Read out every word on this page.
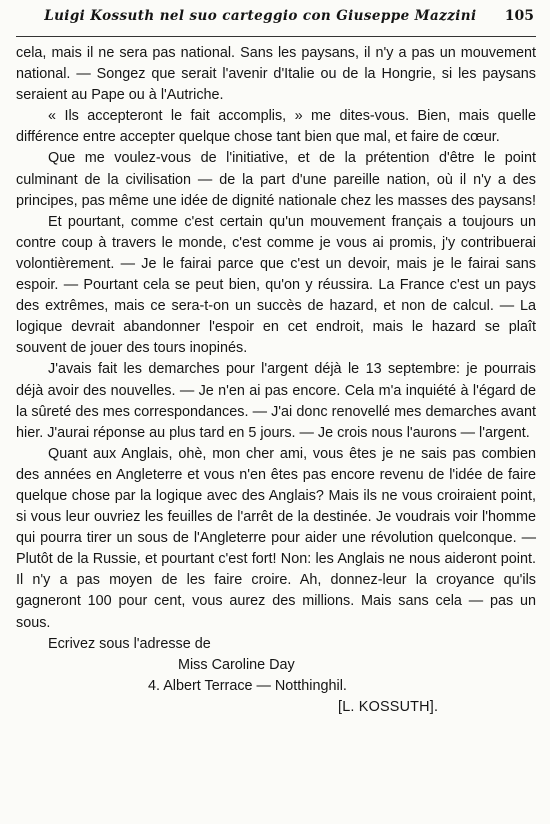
Luigi Kossuth nel suo carteggio con Giuseppe Mazzini	105

cela, mais il ne sera pas national. Sans les paysans, il n'y a pas un mouvement national. — Songez que serait l'avenir d'Italie ou de la Hongrie, si les paysans seraient au Pape ou à l'Autriche.

« Ils accepteront le fait accomplis, » me dites-vous. Bien, mais quelle différence entre accepter quelque chose tant bien que mal, et faire de cœur.

Que me voulez-vous de l'initiative, et de la prétention d'être le point culminant de la civilisation — de la part d'une pareille nation, où il n'y a des principes, pas même une idée de dignité nationale chez les masses des paysans!

Et pourtant, comme c'est certain qu'un mouvement français a toujours un contre coup à travers le monde, c'est comme je vous ai promis, j'y contribuerai volontièrement. — Je le fairai parce que c'est un devoir, mais je le fairai sans espoir. — Pourtant cela se peut bien, qu'on y réussira. La France c'est un pays des extrêmes, mais ce sera-t-on un succès de hazard, et non de calcul. — La logique devrait abandonner l'espoir en cet endroit, mais le hazard se plaît souvent de jouer des tours inopinés.

J'avais fait les demarches pour l'argent déjà le 13 septembre: je pourrais déjà avoir des nouvelles. — Je n'en ai pas encore. Cela m'a inquiété à l'égard de la sûreté des mes correspondances. — J'ai donc renovellé mes demarches avant hier. J'aurai réponse au plus tard en 5 jours. — Je crois nous l'aurons — l'argent.

Quant aux Anglais, ohè, mon cher ami, vous êtes je ne sais pas combien des années en Angleterre et vous n'en êtes pas encore revenu de l'idée de faire quelque chose par la logique avec des Anglais? Mais ils ne vous croiraient point, si vous leur ouvriez les feuilles de l'arrêt de la destinée. Je voudrais voir l'homme qui pourra tirer un sous de l'Angleterre pour aider une révolution quelconque. — Plutôt de la Russie, et pourtant c'est fort! Non: les Anglais ne nous aideront point. Il n'y a pas moyen de les faire croire. Ah, donnez-leur la croyance qu'ils gagneront 100 pour cent, vous aurez des millions. Mais sans cela — pas un sous.

Ecrivez sous l'adresse de
Miss Caroline Day
4. Albert Terrace — Notthinghil.
[L. KOSSUTH].
